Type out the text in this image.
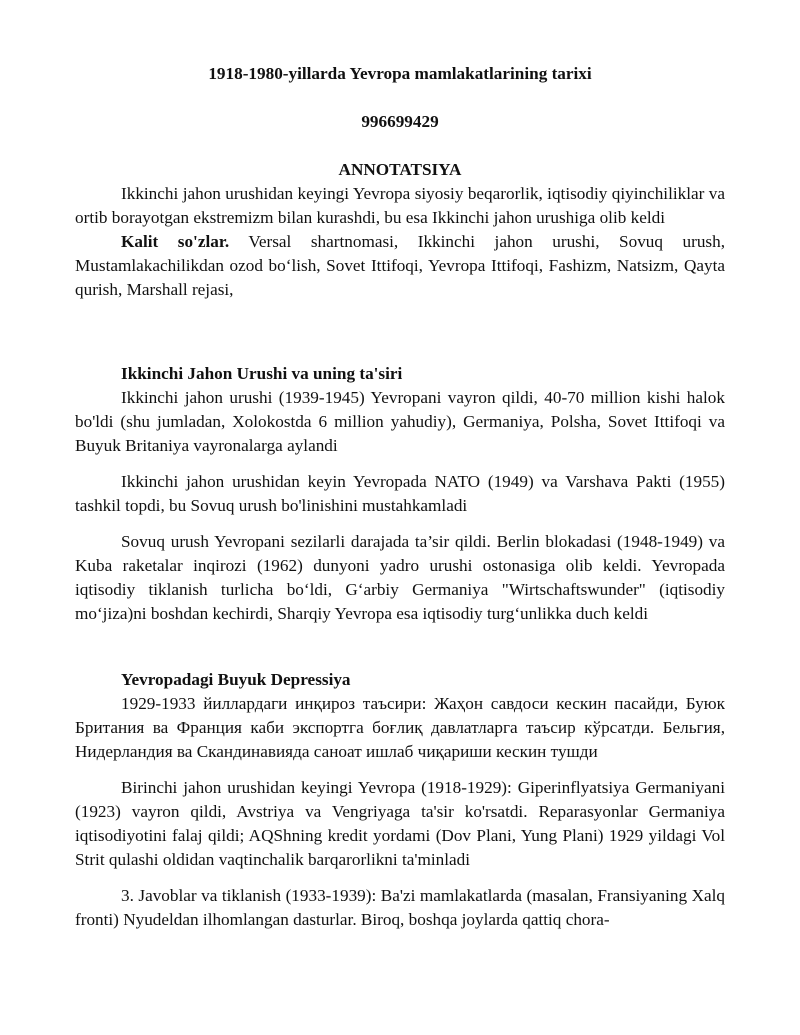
1918-1980-yillarda Yevropa mamlakatlarining tarixi
996699429
ANNOTATSIYA

Ikkinchi jahon urushidan keyingi Yevropa siyosiy beqarorlik, iqtisodiy qiyinchiliklar va ortib borayotgan ekstremizm bilan kurashdi, bu esa Ikkinchi jahon urushiga olib keldi

Kalit so'zlar. Versal shartnomasi, Ikkinchi jahon urushi, Sovuq urush, Mustamlakachilikdan ozod bo‘lish, Sovet Ittifoqi, Yevropa Ittifoqi, Fashizm, Natsizm, Qayta qurish, Marshall rejasi,

Ikkinchi Jahon Urushi va uning ta'siri

Ikkinchi jahon urushi (1939-1945) Yevropani vayron qildi, 40-70 million kishi halok bo'ldi (shu jumladan, Xolokostda 6 million yahudiy), Germaniya, Polsha, Sovet Ittifoqi va Buyuk Britaniya vayronalarga aylandi

Ikkinchi jahon urushidan keyin Yevropada NATO (1949) va Varshava Pakti (1955) tashkil topdi, bu Sovuq urush bo'linishini mustahkamladi

Sovuq urush Yevropani sezilarli darajada ta’sir qildi. Berlin blokadasi (1948-1949) va Kuba raketalar inqirozi (1962) dunyoni yadro urushi ostonasiga olib keldi. Yevropada iqtisodiy tiklanish turlicha bo‘ldi, G‘arbiy Germaniya "Wirtschaftswunder" (iqtisodiy mo‘jiza)ni boshdan kechirdi, Sharqiy Yevropa esa iqtisodiy turg‘unlikka duch keldi

Yevropadagi Buyuk Depressiya

1929-1933 йиллардаги инқироз таъсири: Жаҳон савдоси кескин пасайди, Буюк Британия ва Франция каби экспортга боғлиқ давлатларга таъсир кўрсатди. Бельгия, Нидерландия ва Скандинавияда саноат ишлаб чиқариши кескин тушди

Birinchi jahon urushidan keyingi Yevropa (1918-1929): Giperinflyatsiya Germaniyani (1923) vayron qildi, Avstriya va Vengriyaga ta'sir ko'rsatdi. Reparasyonlar Germaniya iqtisodiyotini falaj qildi; AQShning kredit yordami (Dov Plani, Yung Plani) 1929 yildagi Vol Strit qulashi oldidan vaqtinchalik barqarorlikni ta'minladi

3. Javoblar va tiklanish (1933-1939): Ba'zi mamlakatlarda (masalan, Fransiyaning Xalq fronti) Nyudeldan ilhomlangan dasturlar. Biroq, boshqa joylarda qattiq chora-
